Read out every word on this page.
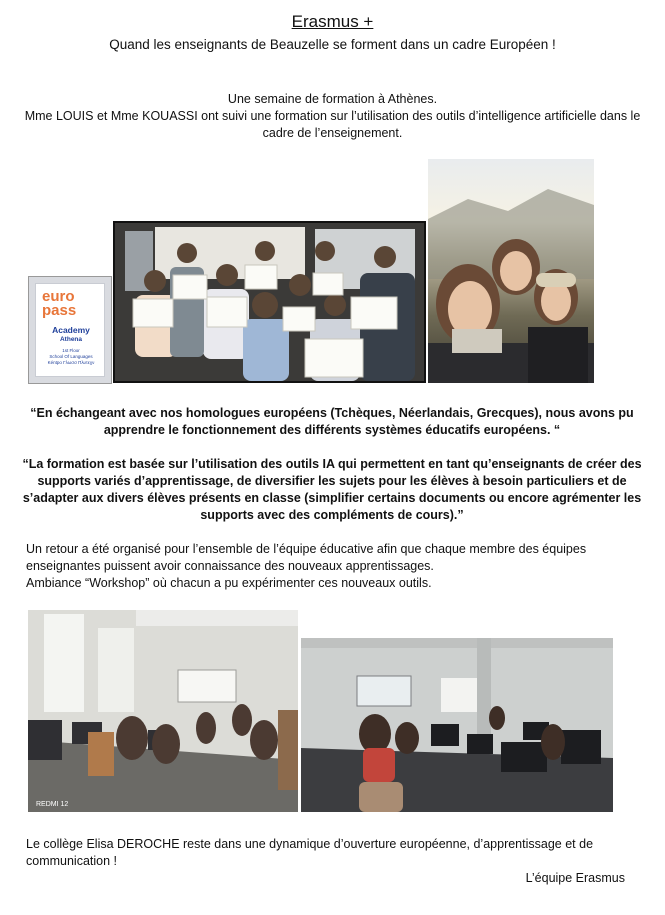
Erasmus +
Quand les enseignants de Beauzelle se forment dans un cadre Européen !
Une semaine de formation à Athènes.
Mme LOUIS et Mme KOUASSI ont suivi une formation sur l’utilisation des outils d’intelligence artificielle dans le cadre de l’enseignement.
euro
pass
Academy
Athena
1st Floor
School Of Languages
Kéntpo Γλωσσ Πλυτεχν
“En échangeant avec nos homologues européens (Tchèques, Néerlandais, Grecques), nous avons pu apprendre le fonctionnement des différents systèmes éducatifs européens. “
“La formation est basée sur l’utilisation des outils IA qui permettent en tant qu’enseignants de créer des supports variés d’apprentissage, de diversifier les sujets pour les élèves à besoin particuliers et de s’adapter aux divers élèves présents en classe (simplifier certains documents ou encore agrémenter les supports avec des compléments de cours).”

Un retour a été organisé pour l’ensemble de l’équipe éducative afin que chaque membre des équipes enseignantes puissent avoir connaissance des nouveaux apprentissages.

Ambiance “Workshop” où chacun a pu expérimenter ces nouveaux outils.

REDMI 12
Le collège Elisa DEROCHE reste dans une dynamique d’ouverture européenne, d’apprentissage et de communication !
L’équipe Erasmus
